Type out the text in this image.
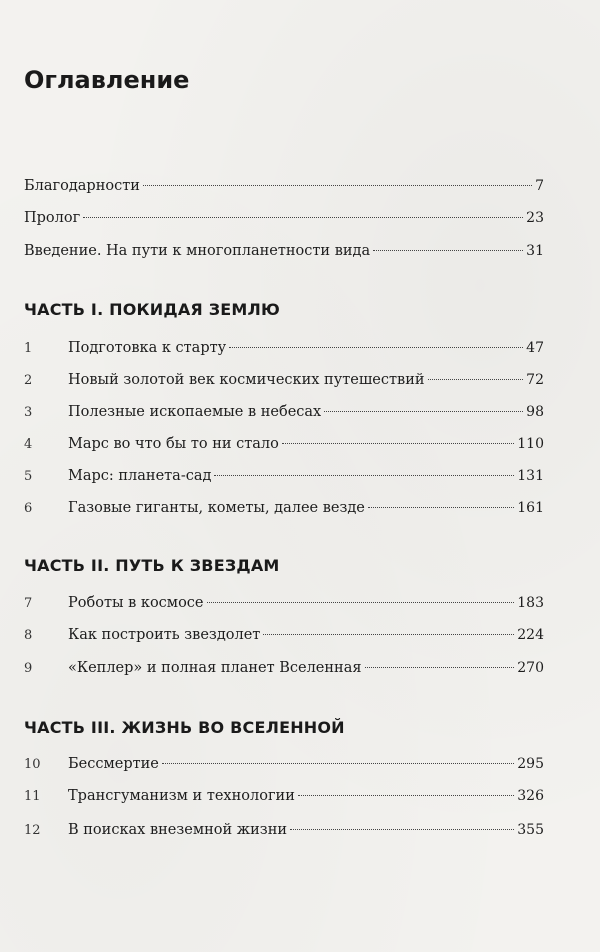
Оглавление
Благодарности	7
Пролог	23
Введение. На пути к многопланетности вида	31
ЧАСТЬ I. ПОКИДАЯ ЗЕМЛЮ
1	Подготовка к старту	47
2	Новый золотой век космических путешествий	72
3	Полезные ископаемые в небесах	98
4	Марс во что бы то ни стало	110
5	Марс: планета-сад	131
6	Газовые гиганты, кометы, далее везде	161
ЧАСТЬ II. ПУТЬ К ЗВЕЗДАМ
7	Роботы в космосе	183
8	Как построить звездолет	224
9	«Кеплер» и полная планет Вселенная	270
ЧАСТЬ III. ЖИЗНЬ ВО ВСЕЛЕННОЙ
10	Бессмертие	295
11	Трансгуманизм и технологии	326
12	В поисках внеземной жизни	355
